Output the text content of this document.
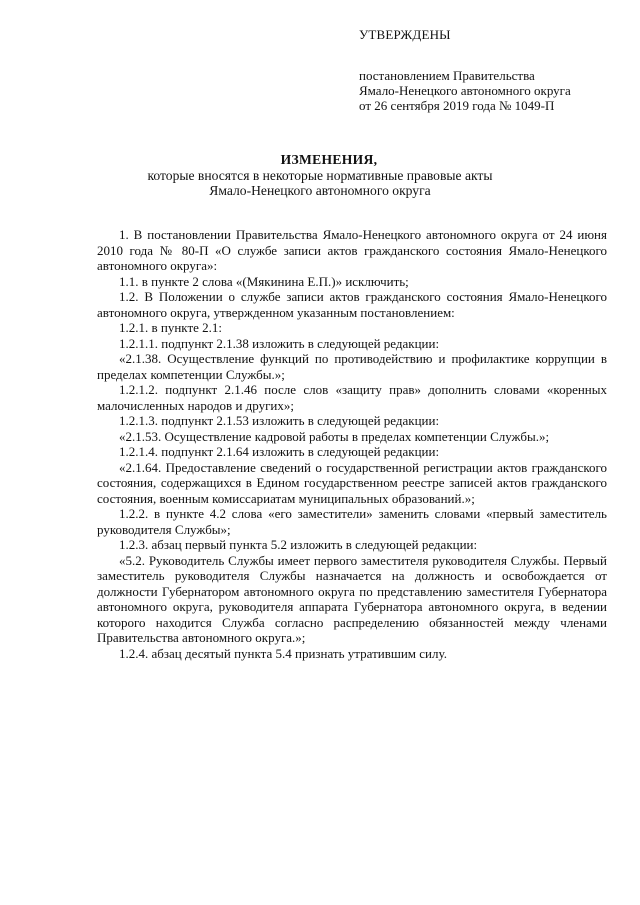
УТВЕРЖДЕНЫ
постановлением Правительства
Ямало-Ненецкого автономного округа
от 26 сентября 2019 года № 1049-П
ИЗМЕНЕНИЯ,
которые вносятся в некоторые нормативные правовые акты
Ямало-Ненецкого автономного округа

1. В постановлении Правительства Ямало-Ненецкого автономного округа от 24 июня 2010 года № 80-П «О службе записи актов гражданского состояния Ямало-Ненецкого автономного округа»:

1.1. в пункте 2 слова «(Мякинина Е.П.)» исключить;

1.2. В Положении о службе записи актов гражданского состояния Ямало-Ненецкого автономного округа, утвержденном указанным постановлением:

1.2.1. в пункте 2.1:

1.2.1.1. подпункт 2.1.38 изложить в следующей редакции:

«2.1.38. Осуществление функций по противодействию и профилактике коррупции в пределах компетенции Службы.»;

1.2.1.2. подпункт 2.1.46 после слов «защиту прав» дополнить словами «коренных малочисленных народов и других»;

1.2.1.3. подпункт 2.1.53 изложить в следующей редакции:

«2.1.53. Осуществление кадровой работы в пределах компетенции Службы.»;

1.2.1.4. подпункт 2.1.64 изложить в следующей редакции:

«2.1.64. Предоставление сведений о государственной регистрации актов гражданского состояния, содержащихся в Едином государственном реестре записей актов гражданского состояния, военным комиссариатам муниципальных образований.»;

1.2.2. в пункте 4.2 слова «его заместители» заменить словами «первый заместитель руководителя Службы»;

1.2.3. абзац первый пункта 5.2 изложить в следующей редакции:

«5.2. Руководитель Службы имеет первого заместителя руководителя Службы. Первый заместитель руководителя Службы назначается на должность и освобождается от должности Губернатором автономного округа по представлению заместителя Губернатора автономного округа, руководителя аппарата Губернатора автономного округа, в ведении которого находится Служба согласно распределению обязанностей между членами Правительства автономного округа.»;

1.2.4. абзац десятый пункта 5.4 признать утратившим силу.
